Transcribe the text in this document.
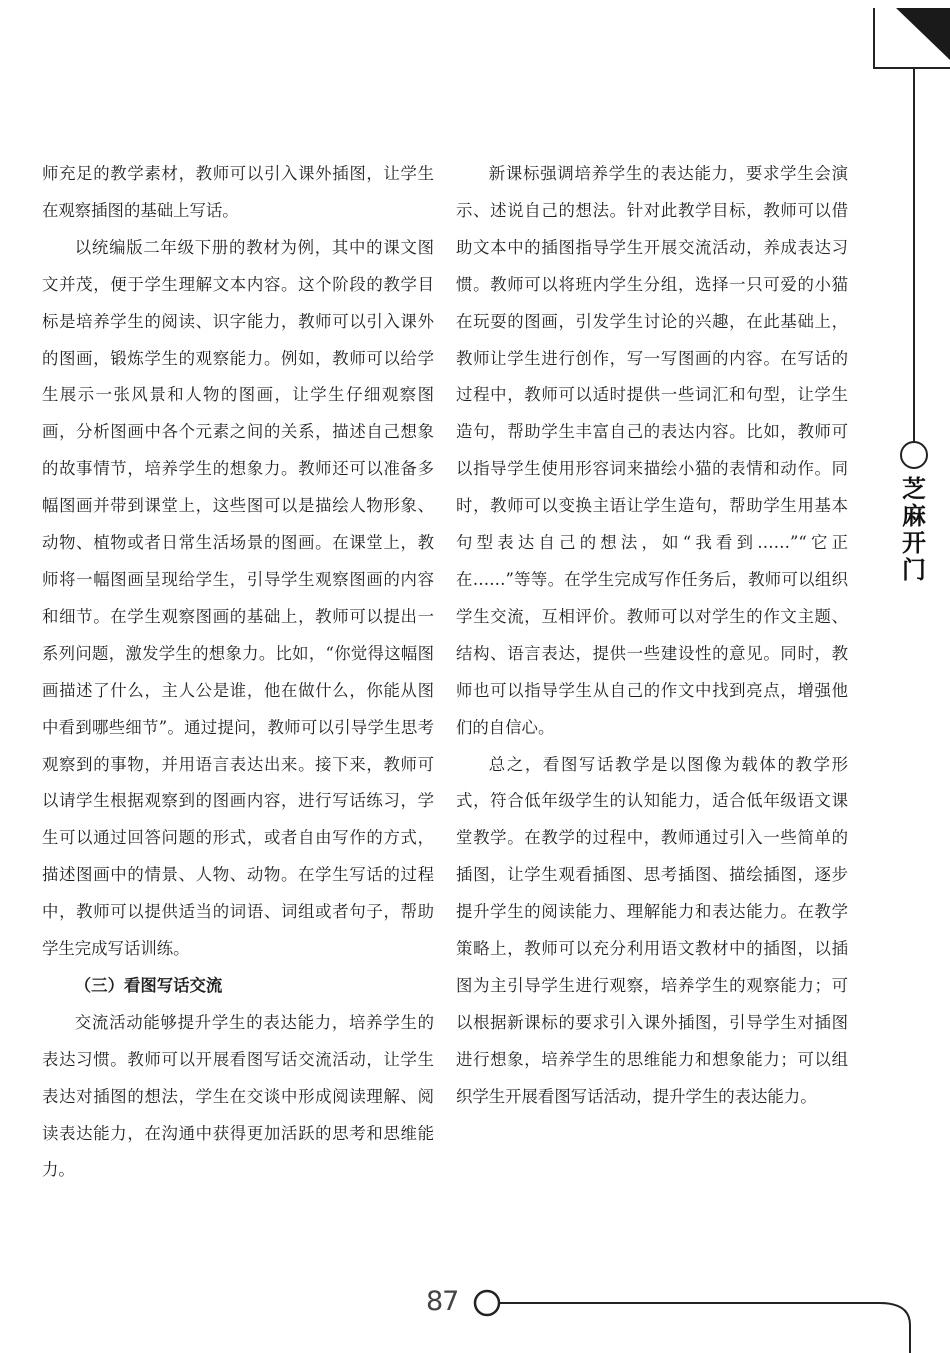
芝麻开门

师充足的教学素材，教师可以引入课外插图，让学生在观察插图的基础上写话。

以统编版二年级下册的教材为例，其中的课文图文并茂，便于学生理解文本内容。这个阶段的教学目标是培养学生的阅读、识字能力，教师可以引入课外的图画，锻炼学生的观察能力。例如，教师可以给学生展示一张风景和人物的图画，让学生仔细观察图画，分析图画中各个元素之间的关系，描述自己想象的故事情节，培养学生的想象力。教师还可以准备多幅图画并带到课堂上，这些图可以是描绘人物形象、动物、植物或者日常生活场景的图画。在课堂上，教师将一幅图画呈现给学生，引导学生观察图画的内容和细节。在学生观察图画的基础上，教师可以提出一系列问题，激发学生的想象力。比如，“你觉得这幅图画描述了什么，主人公是谁，他在做什么，你能从图中看到哪些细节”。通过提问，教师可以引导学生思考观察到的事物，并用语言表达出来。接下来，教师可以请学生根据观察到的图画内容，进行写话练习，学生可以通过回答问题的形式，或者自由写作的方式，描述图画中的情景、人物、动物。在学生写话的过程中，教师可以提供适当的词语、词组或者句子，帮助学生完成写话训练。

（三）看图写话交流

交流活动能够提升学生的表达能力，培养学生的表达习惯。教师可以开展看图写话交流活动，让学生表达对插图的想法，学生在交谈中形成阅读理解、阅读表达能力，在沟通中获得更加活跃的思考和思维能力。

新课标强调培养学生的表达能力，要求学生会演示、述说自己的想法。针对此教学目标，教师可以借助文本中的插图指导学生开展交流活动，养成表达习惯。教师可以将班内学生分组，选择一只可爱的小猫在玩耍的图画，引发学生讨论的兴趣，在此基础上，教师让学生进行创作，写一写图画的内容。在写话的过程中，教师可以适时提供一些词汇和句型，让学生造句，帮助学生丰富自己的表达内容。比如，教师可以指导学生使用形容词来描绘小猫的表情和动作。同时，教师可以变换主语让学生造句，帮助学生用基本句型表达自己的想法，如“我看到……”“它正在……”等等。在学生完成写作任务后，教师可以组织学生交流，互相评价。教师可以对学生的作文主题、结构、语言表达，提供一些建设性的意见。同时，教师也可以指导学生从自己的作文中找到亮点，增强他们的自信心。

总之，看图写话教学是以图像为载体的教学形式，符合低年级学生的认知能力，适合低年级语文课堂教学。在教学的过程中，教师通过引入一些简单的插图，让学生观看插图、思考插图、描绘插图，逐步提升学生的阅读能力、理解能力和表达能力。在教学策略上，教师可以充分利用语文教材中的插图，以插图为主引导学生进行观察，培养学生的观察能力；可以根据新课标的要求引入课外插图，引导学生对插图进行想象，培养学生的思维能力和想象能力；可以组织学生开展看图写话活动，提升学生的表达能力。

87
